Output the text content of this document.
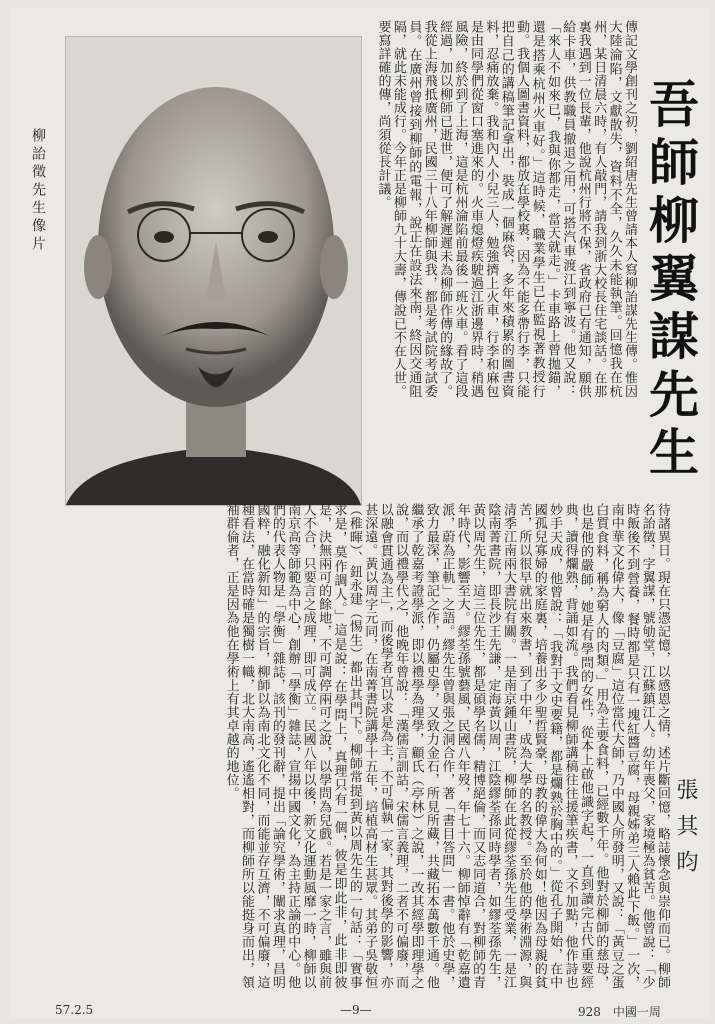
吾師柳翼謀先生
張其昀
傳記文學創刊之初，劉紹唐先生曾請本人寫柳詒謀先生傳。惟因大陸淪陷，文獻散失，資料不全，久久未能執筆。回憶我在杭州，某日清晨六時，有人敲門，請我到浙大校長住宅談話。在那裏我遇到一位長輩，他說杭州行將不保，省政府已有通知，願供給卡車，供教職員撤退之用，可搭汽車渡江到寧波。他又說：「來人不如來已，我與你都走，當天就走。」卡車路上曾拋錨，還是搭乘杭州火車好。」這時候，職業學生已在監視著教授行動。我個人圖書資料，都放在學校裏，因為不能多帶行李，只能把自己的講稿筆記拿出，裝成一個麻袋，多年來積累的圖書資料，忍痛放棄。我和內人小兒三人，勉強擠上火車，行李和麻包是由同學們從窗口塞進來的。火車熄燈疾駛過江浙邊界時，稍遇風險，終於到了上海，這是杭州淪陷前最後一班火車。看了這段經過，加以柳師已逝世，便可了解遲遲未為柳師作傳的緣故了。我從上海飛抵廣州，民國三十八年柳師與我，都是考試院考試委員。在廣州曾接到柳師的電報，說正在設法來南，終因交通阻隔，就此未能成行。今年正是柳師九十大壽，傳說已不在人世。要寫詳確的傳，尚須從長計議。
柳詒徵先生像片
待諸異日。現在只憑記憶，以感恩之情，述片斷回憶，略誌懷念與崇仰而已。柳師名詒徵，字翼謀，號劬堂，江蘇鎮江人。幼年喪父，家境極為貧苦。他曾說：「少時飯後不到營養，餐時都是只有一塊紅醬豆腐，母親姊弟三人賴此下飯。」一次，南中華文化偉大，像「豆腐」這位當代大師，乃中國人所發明，又說：「黃豆之蛋白質食料，稱為窮人的肉類。」用為主要食料，已經數千年。他對於柳師的慈母，也是他的嚴師，她是有學問的女性，從本上啟他識字起，一直到讀完古代重要經典，讀得爛熟，背誦如流。我們看見柳師講稿往往援筆疾書，文不加點，他作詩也妙手天成，他曾說：「我對于文史要籍，都是爛熟於胸中的。」從孔子開始，在中國孤兒寡婦的家庭裏，培養出多少聖哲賢豪，母教的偉大為何如！他因為母親的貧苦，所以很早就出來教書，到了中年，成為大學的名教授。至於他的學術淵源，與清季江南兩大書院有關。一是南京鍾山書院，柳師在此從繆荃孫先生受業，一是江陰南菁書院，即長沙王先謙，定海黃以周，江陰繆荃孫同時學者，如繆荃孫先生，黃以周先生，這三位先生，都是碩學名儒，精博絕倫，而又志同道合，對柳師的青年時代，影響至大。繆荃孫號藝風，民國八年歿，年七十六。柳師悼辭有「乾嘉遺派，蔚為正軌」之語。繆先生曾與張之洞合作，著「書目答問」一書。他於史學，致力最深，筆記之作，仍屬史學，又致力金石，所見所藏，共藏拓本萬數千通。他繼承了乾嘉考證學派，即以禮學為理學，顧氏（亭林）之說，一改其經學即理學之說，而以禮學代之，他晚年曾說：「漢儒言訓詁，宋儒言義理，二者不可偏廢，而以融會貫通為主」，而後學者宜以求是為主，不可偏執一家，其對後學的影響，亦甚深遠。黃以周字元同，在南菁書院講學十五年，培植高材生甚眾。其弟子吳敬恒（稚暉）、鈕永建（惕生）都出其門下。柳師常提到黃以周先生的一句話：「實事求是，莫作調人。」這是說：在學問上，真理只有一個，彼是即此非，此非即彼是，決無兩可的餘地，不可調停兩可之說，以學問為兒戲。若是一家之言，雖與前人不合，只要言之成理，即可成立。民國八年以後，新文化運動風靡一時，柳師以南京高等師範為中心，創辦「學衡」雜誌，宣揚中國文化，為主持正論的中心。他們的代表人物是「學衡」雜誌，該刊的發刊辭，提出「論究學術，闡求真理，昌明國粹，融化新知」的宗旨，柳師以為南北文化不同，而能並存互濟，不可偏廢，這種看法，在當時確是獨樹一幟，北大南高，遙遙相對，而柳師所以能挺身而出，領袖群倫者，正是因為他在學術上有其卓越的地位。
57.2.5	—9—	928　中國一周
